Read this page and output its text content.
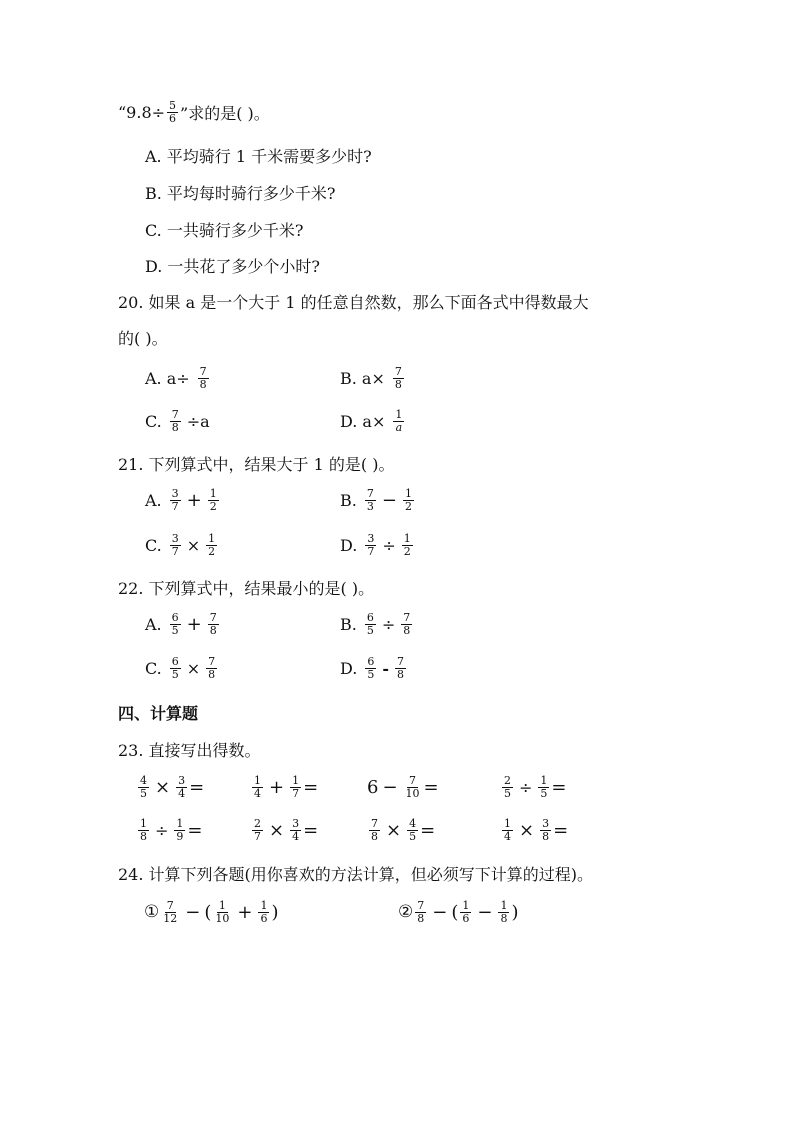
“$9.8\div \frac{5}{6}$ ”求的是( )。
A. 平均骑行 1 千米需要多少时?
B. 平均每时骑行多少千米?
C. 一共骑行多少千米?
D. 一共花了多少个小时?
20. 如果 a 是一个大于 1 的任意自然数，那么下面各式中得数最大
的( )。
A. $a\div \frac{7}{8}$	B. $a\times \frac{7}{8}$
C. $\frac{7}{8} \div a$	D. $a\times \frac{1}{a}$
21. 下列算式中，结果大于 1 的是( )。
A. $\frac{3}{7} + \frac{1}{2}$	B. $\frac{7}{3} - \frac{1}{2}$
C. $\frac{3}{7} \times \frac{1}{2}$	D. $\frac{3}{7} \div \frac{1}{2}$
22. 下列算式中，结果最小的是( )。
A. $\frac{6}{5} + \frac{7}{8}$	B. $\frac{6}{5} \div \frac{7}{8}$
C. $\frac{6}{5} \times \frac{7}{8}$	D. $\frac{6}{5} - \frac{7}{8}$
四、计算题
23. 直接写出得数。
$\frac{4}{5} \times \frac{3}{4}$ =	$\frac{1}{4} + \frac{1}{7}$ =	$6 - \frac{7}{10}$ =	$\frac{2}{5} \div \frac{1}{5}$ =
$\frac{1}{8} \div \frac{1}{9}$ =	$\frac{2}{7} \times \frac{3}{4}$ =	$\frac{7}{8} \times \frac{4}{5}$ =	$\frac{1}{4} \times \frac{3}{8}$ =
24. 计算下列各题(用你喜欢的方法计算，但必须写下计算的过程)。
① $\frac{7}{12}$ − ( $\frac{1}{10} + \frac{1}{6}$ )	② $\frac{7}{8}$ − ( $\frac{1}{6} - \frac{1}{8}$ )
